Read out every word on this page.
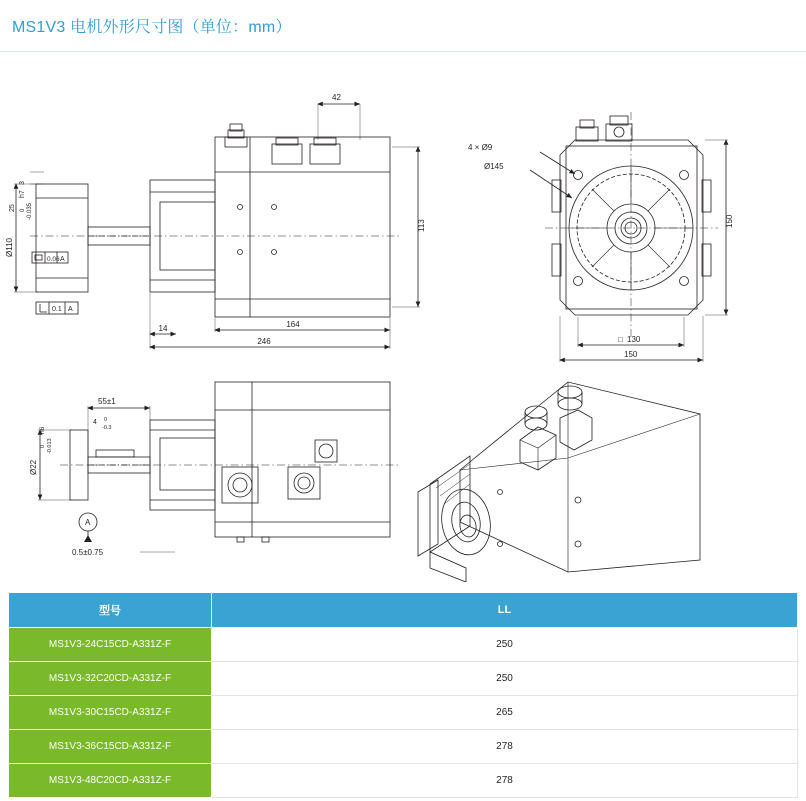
MS1V3 电机外形尺寸图（单位：mm）
42
113
164
246
14
Ø110
0 -0.035
h7
25
3
0.06 A
0.1 A
4 × Ø9
Ø145
150
□ 130
150
55±1
4 0
-0.3
Ø22
0 -0.013
h6
A
0.5±0.75
型号	LL
MS1V3-24C15CD-A331Z-F	250
MS1V3-32C20CD-A331Z-F	250
MS1V3-30C15CD-A331Z-F	265
MS1V3-36C15CD-A331Z-F	278
MS1V3-48C20CD-A331Z-F	278
